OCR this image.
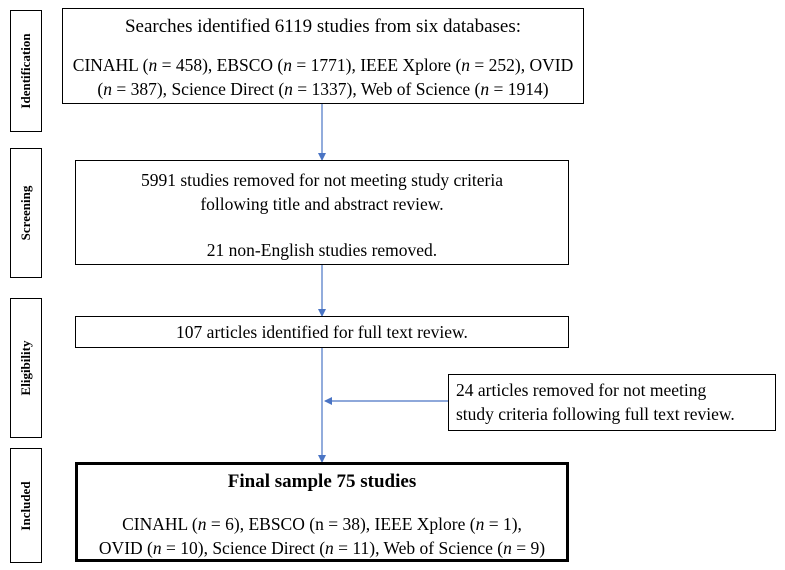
Identification
Screening
Eligibility
Included
Searches identified 6119 studies from six databases:
CINAHL (n = 458), EBSCO (n = 1771), IEEE Xplore (n = 252), OVID
(n = 387), Science Direct (n = 1337), Web of Science (n = 1914)
5991 studies removed for not meeting study criteria
following title and abstract review.
21 non-English studies removed.
107 articles identified for full text review.
24 articles removed for not meeting
study criteria following full text review.
Final sample 75 studies
CINAHL (n = 6), EBSCO (n = 38), IEEE Xplore (n = 1),
OVID (n = 10), Science Direct (n = 11), Web of Science (n = 9)
